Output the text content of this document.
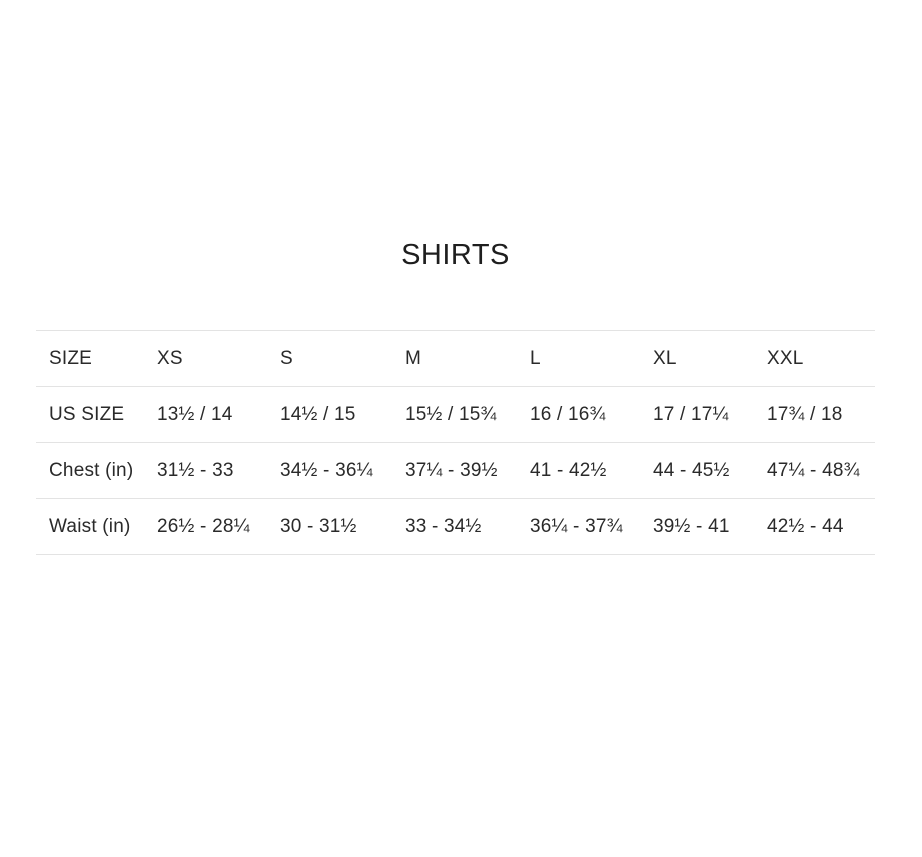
SHIRTS
SIZE	XS	S	M	L	XL	XXL
US SIZE	13½ / 14	14½ / 15	15½ / 15¾	16 / 16¾	17 / 17¼	17¾ / 18
Chest (in)	31½ - 33	34½ - 36¼	37¼ - 39½	41 - 42½	44 - 45½	47¼ - 48¾
Waist (in)	26½ - 28¼	30 - 31½	33 - 34½	36¼ - 37¾	39½ - 41	42½ - 44
